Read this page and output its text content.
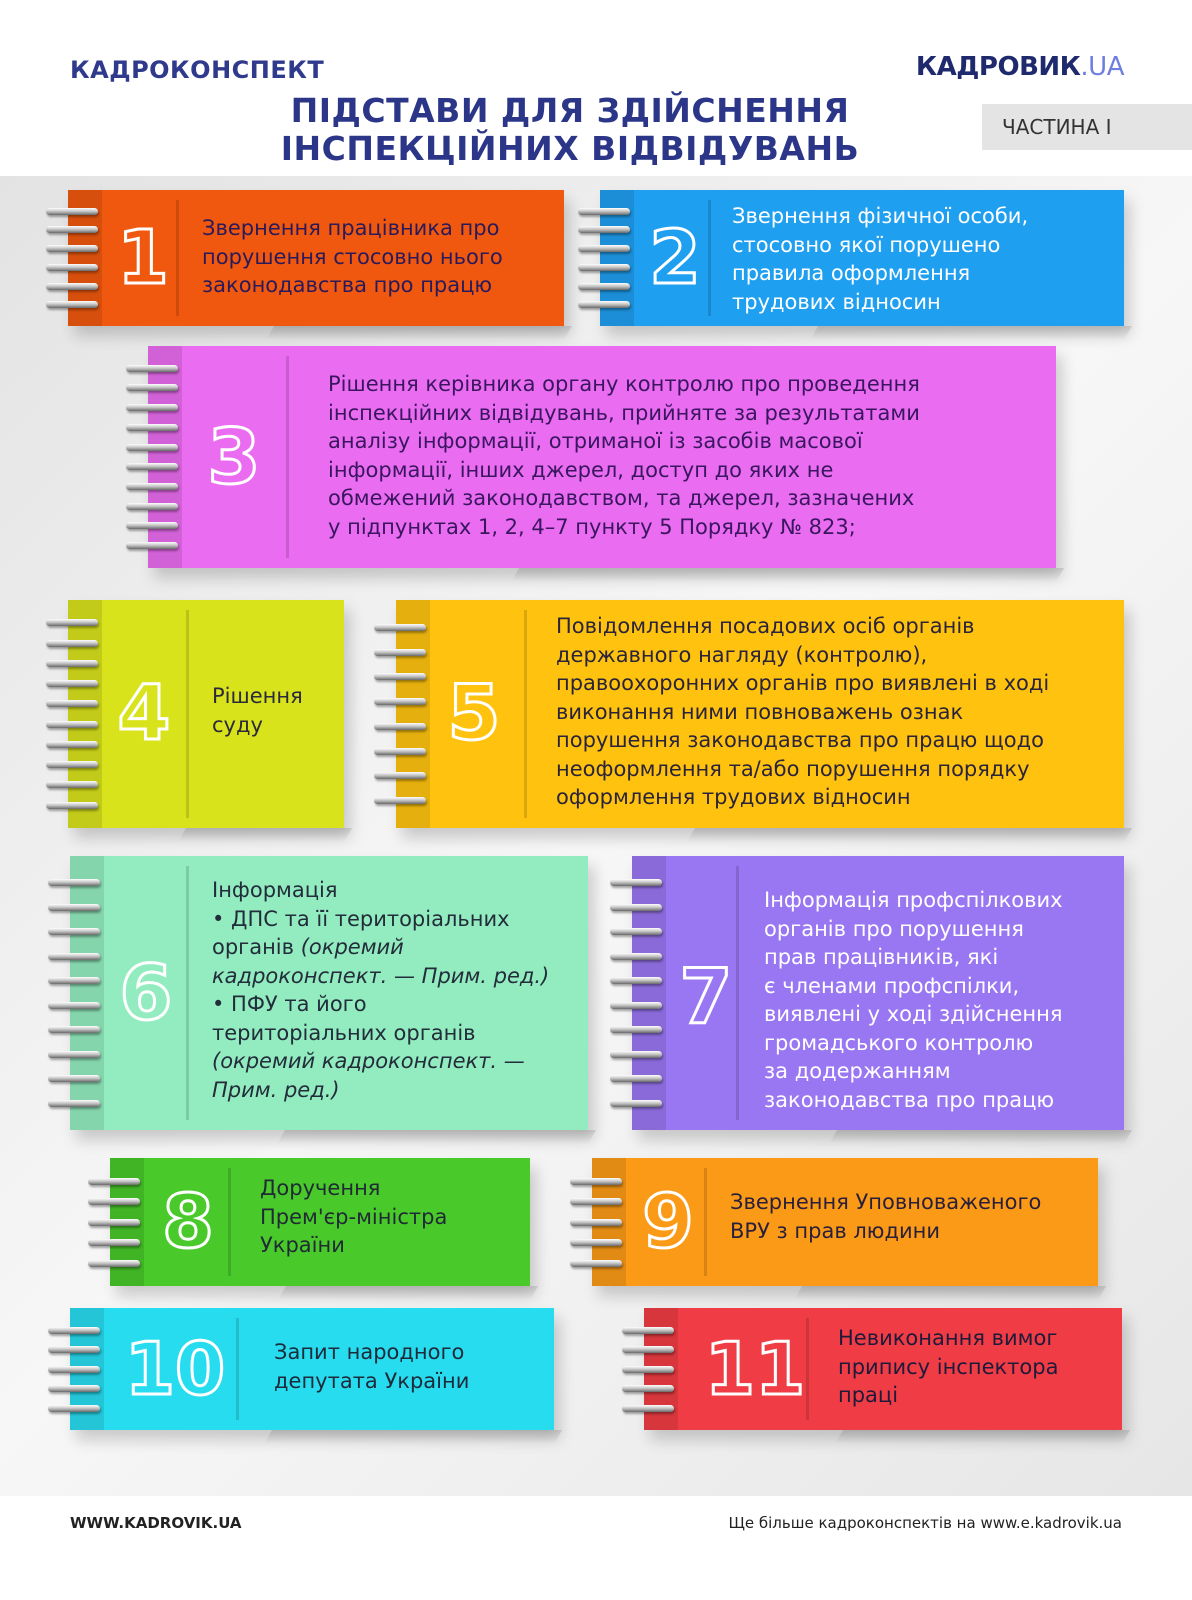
КАДРОКОНСПЕКТ
ПІДСТАВИ ДЛЯ ЗДІЙСНЕННЯ
ІНСПЕКЦІЙНИХ ВІДВІДУВАНЬ
КАДРОВИК.UA
ЧАСТИНА І
1	Звернення працівника про
порушення стосовно нього
законодавства про працю 2	Звернення фізичної особи,
стосовно якої порушено
правила оформлення
трудових відносин
3
Рішення керівника органу контролю про проведення
інспекційних відвідувань, прийняте за результатами
аналізу інформації, отриманої із засобів масової
інформації, інших джерел, доступ до яких не
обмежений законодавством, та джерел, зазначених
у підпунктах 1, 2, 4–7 пункту 5 Порядку № 823;
4	Рішення
суду	5
Повідомлення посадових осіб органів
державного нагляду (контролю),
правоохоронних органів про виявлені в ході
виконання ними повноважень ознак
порушення законодавства про працю щодо
неоформлення та/або порушення порядку
оформлення трудових відносин
6
Інформація
• ДПС та її територіальних
органів (окремий
кадроконспект. — Прим. ред.)
• ПФУ та його
територіальних органів
(окремий кадроконспект. —
Прим. ред.)
7
Інформація профспілкових
органів про порушення
прав працівників, які
є членами профспілки,
виявлені у ході здійснення
громадського контролю
за додержанням
законодавства про працю
8	Доручення
Прем'єр-міністра
України	9	Звернення Уповноваженого
ВРУ з прав людини
10	Запит народного
депутата України	11 Невиконання вимог
припису інспектора
праці
WWW.KADROVIK.UA	Ще більше кадроконспектів на www.e.kadrovik.ua
